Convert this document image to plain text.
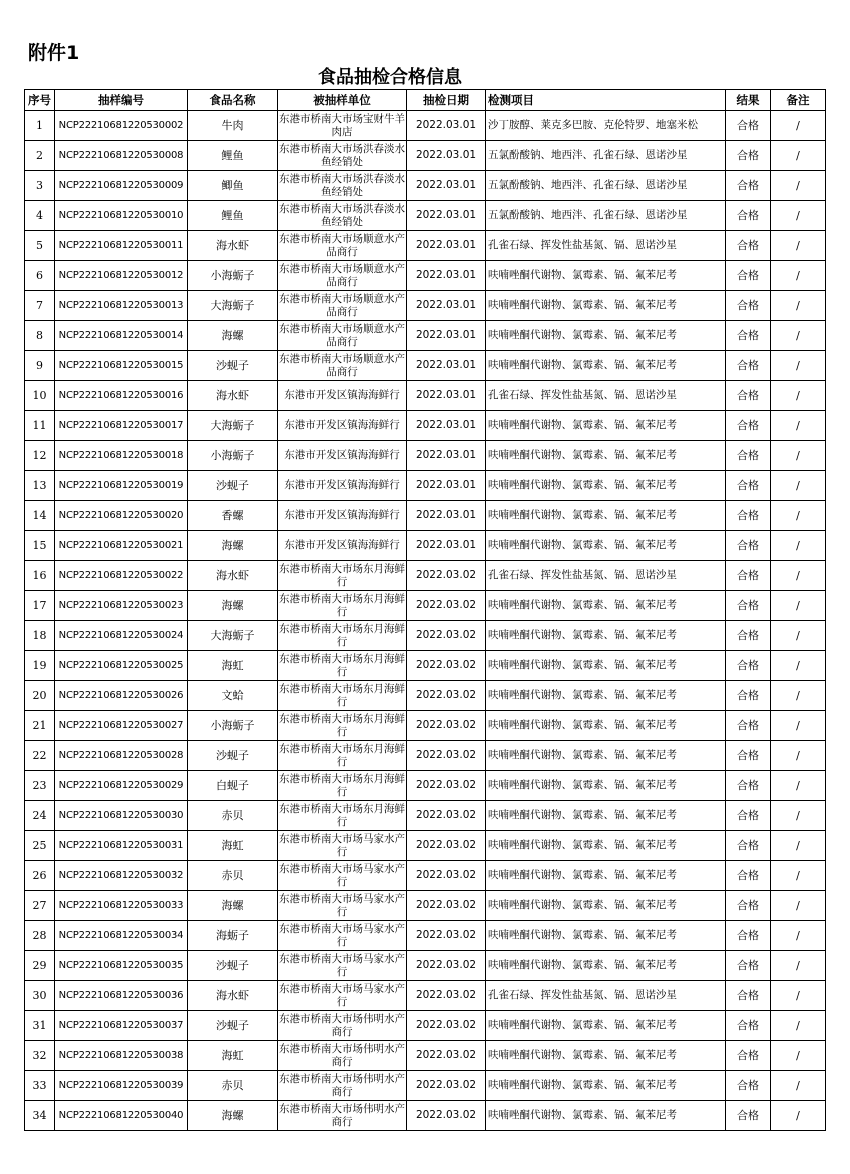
附件1
食品抽检合格信息
序号	抽样编号	食品名称	被抽样单位	抽检日期	检测项目	结果	备注
1	NCP22210681220530002	牛肉	东港市桥南大市场宝财牛羊肉店	2022.03.01	沙丁胺醇、莱克多巴胺、克伦特罗、地塞米松	合格	/
2	NCP22210681220530008	鲤鱼	东港市桥南大市场洪春淡水鱼经销处	2022.03.01	五氯酚酸钠、地西泮、孔雀石绿、恩诺沙星	合格	/
3	NCP22210681220530009	鲫鱼	东港市桥南大市场洪春淡水鱼经销处	2022.03.01	五氯酚酸钠、地西泮、孔雀石绿、恩诺沙星	合格	/
4	NCP22210681220530010	鲤鱼	东港市桥南大市场洪春淡水鱼经销处	2022.03.01	五氯酚酸钠、地西泮、孔雀石绿、恩诺沙星	合格	/
5	NCP22210681220530011	海水虾	东港市桥南大市场顺意水产品商行	2022.03.01	孔雀石绿、挥发性盐基氮、镉、恩诺沙星	合格	/
6	NCP22210681220530012	小海蛎子	东港市桥南大市场顺意水产品商行	2022.03.01	呋喃唑酮代谢物、氯霉素、镉、氟苯尼考	合格	/
7	NCP22210681220530013	大海蛎子	东港市桥南大市场顺意水产品商行	2022.03.01	呋喃唑酮代谢物、氯霉素、镉、氟苯尼考	合格	/
8	NCP22210681220530014	海螺	东港市桥南大市场顺意水产品商行	2022.03.01	呋喃唑酮代谢物、氯霉素、镉、氟苯尼考	合格	/
9	NCP22210681220530015	沙蚬子	东港市桥南大市场顺意水产品商行	2022.03.01	呋喃唑酮代谢物、氯霉素、镉、氟苯尼考	合格	/
10	NCP22210681220530016	海水虾	东港市开发区镇海海鲜行	2022.03.01	孔雀石绿、挥发性盐基氮、镉、恩诺沙星	合格	/
11	NCP22210681220530017	大海蛎子	东港市开发区镇海海鲜行	2022.03.01	呋喃唑酮代谢物、氯霉素、镉、氟苯尼考	合格	/
12	NCP22210681220530018	小海蛎子	东港市开发区镇海海鲜行	2022.03.01	呋喃唑酮代谢物、氯霉素、镉、氟苯尼考	合格	/
13	NCP22210681220530019	沙蚬子	东港市开发区镇海海鲜行	2022.03.01	呋喃唑酮代谢物、氯霉素、镉、氟苯尼考	合格	/
14	NCP22210681220530020	香螺	东港市开发区镇海海鲜行	2022.03.01	呋喃唑酮代谢物、氯霉素、镉、氟苯尼考	合格	/
15	NCP22210681220530021	海螺	东港市开发区镇海海鲜行	2022.03.01	呋喃唑酮代谢物、氯霉素、镉、氟苯尼考	合格	/
16	NCP22210681220530022	海水虾	东港市桥南大市场东月海鲜行	2022.03.02	孔雀石绿、挥发性盐基氮、镉、恩诺沙星	合格	/
17	NCP22210681220530023	海螺	东港市桥南大市场东月海鲜行	2022.03.02	呋喃唑酮代谢物、氯霉素、镉、氟苯尼考	合格	/
18	NCP22210681220530024	大海蛎子	东港市桥南大市场东月海鲜行	2022.03.02	呋喃唑酮代谢物、氯霉素、镉、氟苯尼考	合格	/
19	NCP22210681220530025	海虹	东港市桥南大市场东月海鲜行	2022.03.02	呋喃唑酮代谢物、氯霉素、镉、氟苯尼考	合格	/
20	NCP22210681220530026	文蛤	东港市桥南大市场东月海鲜行	2022.03.02	呋喃唑酮代谢物、氯霉素、镉、氟苯尼考	合格	/
21	NCP22210681220530027	小海蛎子	东港市桥南大市场东月海鲜行	2022.03.02	呋喃唑酮代谢物、氯霉素、镉、氟苯尼考	合格	/
22	NCP22210681220530028	沙蚬子	东港市桥南大市场东月海鲜行	2022.03.02	呋喃唑酮代谢物、氯霉素、镉、氟苯尼考	合格	/
23	NCP22210681220530029	白蚬子	东港市桥南大市场东月海鲜行	2022.03.02	呋喃唑酮代谢物、氯霉素、镉、氟苯尼考	合格	/
24	NCP22210681220530030	赤贝	东港市桥南大市场东月海鲜行	2022.03.02	呋喃唑酮代谢物、氯霉素、镉、氟苯尼考	合格	/
25	NCP22210681220530031	海虹	东港市桥南大市场马家水产行	2022.03.02	呋喃唑酮代谢物、氯霉素、镉、氟苯尼考	合格	/
26	NCP22210681220530032	赤贝	东港市桥南大市场马家水产行	2022.03.02	呋喃唑酮代谢物、氯霉素、镉、氟苯尼考	合格	/
27	NCP22210681220530033	海螺	东港市桥南大市场马家水产行	2022.03.02	呋喃唑酮代谢物、氯霉素、镉、氟苯尼考	合格	/
28	NCP22210681220530034	海蛎子	东港市桥南大市场马家水产行	2022.03.02	呋喃唑酮代谢物、氯霉素、镉、氟苯尼考	合格	/
29	NCP22210681220530035	沙蚬子	东港市桥南大市场马家水产行	2022.03.02	呋喃唑酮代谢物、氯霉素、镉、氟苯尼考	合格	/
30	NCP22210681220530036	海水虾	东港市桥南大市场马家水产行	2022.03.02	孔雀石绿、挥发性盐基氮、镉、恩诺沙星	合格	/
31	NCP22210681220530037	沙蚬子	东港市桥南大市场伟明水产商行	2022.03.02	呋喃唑酮代谢物、氯霉素、镉、氟苯尼考	合格	/
32	NCP22210681220530038	海虹	东港市桥南大市场伟明水产商行	2022.03.02	呋喃唑酮代谢物、氯霉素、镉、氟苯尼考	合格	/
33	NCP22210681220530039	赤贝	东港市桥南大市场伟明水产商行	2022.03.02	呋喃唑酮代谢物、氯霉素、镉、氟苯尼考	合格	/
34	NCP22210681220530040	海螺	东港市桥南大市场伟明水产商行	2022.03.02	呋喃唑酮代谢物、氯霉素、镉、氟苯尼考	合格	/
